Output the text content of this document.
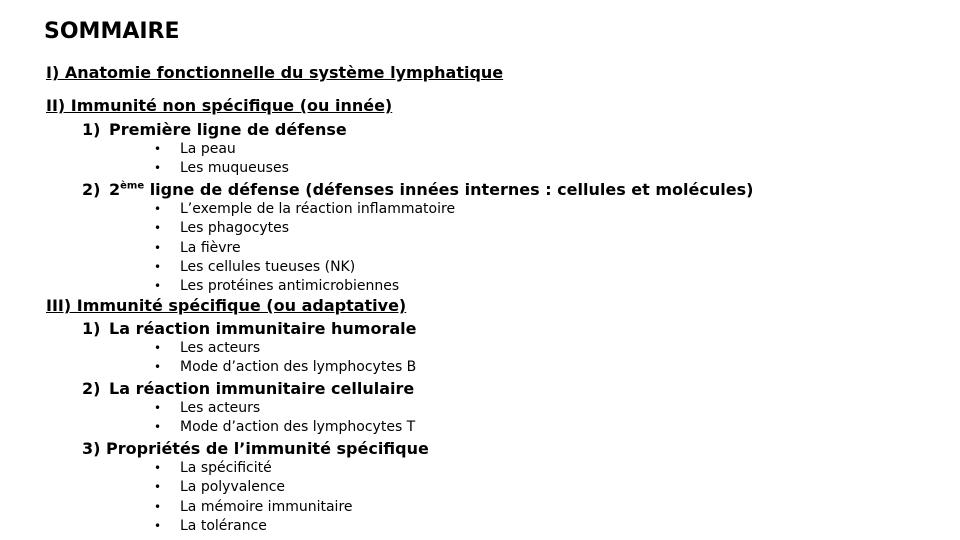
SOMMAIRE
I) Anatomie fonctionnelle du système lymphatique
II) Immunité non spécifique (ou innée)
1) Première ligne de défense
• La peau
• Les muqueuses
2) 2ème ligne de défense (défenses innées internes : cellules et molécules)
• L’exemple de la réaction inflammatoire
• Les phagocytes
• La fièvre
• Les cellules tueuses (NK)
• Les protéines antimicrobiennes
III) Immunité spécifique (ou adaptative)
1) La réaction immunitaire humorale
• Les acteurs
• Mode d’action des lymphocytes B
2) La réaction immunitaire cellulaire
• Les acteurs
• Mode d’action des lymphocytes T
3) Propriétés de l’immunité spécifique
• La spécificité
• La polyvalence
• La mémoire immunitaire
• La tolérance
